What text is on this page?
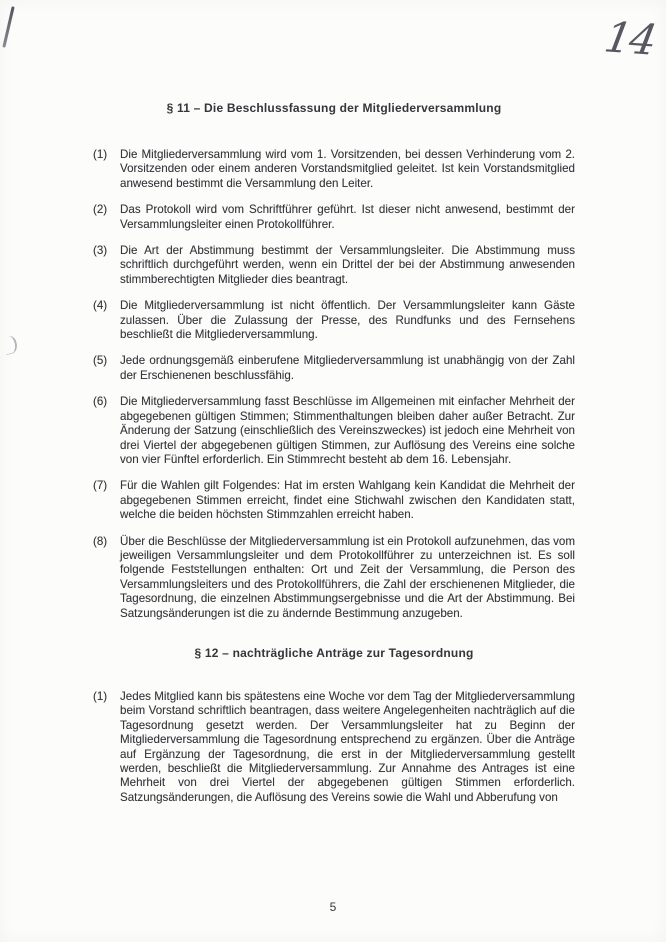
14
§ 11 – Die Beschlussfassung der Mitgliederversammlung
(1) Die Mitgliederversammlung wird vom 1. Vorsitzenden, bei dessen Verhinderung vom 2. Vorsitzenden oder einem anderen Vorstandsmitglied geleitet. Ist kein Vorstandsmitglied anwesend bestimmt die Versammlung den Leiter.
(2) Das Protokoll wird vom Schriftführer geführt. Ist dieser nicht anwesend, bestimmt der Versammlungsleiter einen Protokollführer.
(3) Die Art der Abstimmung bestimmt der Versammlungsleiter. Die Abstimmung muss schriftlich durchgeführt werden, wenn ein Drittel der bei der Abstimmung anwesenden stimmberechtigten Mitglieder dies beantragt.
(4) Die Mitgliederversammlung ist nicht öffentlich. Der Versammlungsleiter kann Gäste zulassen. Über die Zulassung der Presse, des Rundfunks und des Fernsehens beschließt die Mitgliederversammlung.
(5) Jede ordnungsgemäß einberufene Mitgliederversammlung ist unabhängig von der Zahl der Erschienenen beschlussfähig.
(6) Die Mitgliederversammlung fasst Beschlüsse im Allgemeinen mit einfacher Mehrheit der abgegebenen gültigen Stimmen; Stimmenthaltungen bleiben daher außer Betracht. Zur Änderung der Satzung (einschließlich des Vereinszweckes) ist jedoch eine Mehrheit von drei Viertel der abgegebenen gültigen Stimmen, zur Auflösung des Vereins eine solche von vier Fünftel erforderlich. Ein Stimmrecht besteht ab dem 16. Lebensjahr.
(7) Für die Wahlen gilt Folgendes: Hat im ersten Wahlgang kein Kandidat die Mehrheit der abgegebenen Stimmen erreicht, findet eine Stichwahl zwischen den Kandidaten statt, welche die beiden höchsten Stimmzahlen erreicht haben.
(8) Über die Beschlüsse der Mitgliederversammlung ist ein Protokoll aufzunehmen, das vom jeweiligen Versammlungsleiter und dem Protokollführer zu unterzeichnen ist. Es soll folgende Feststellungen enthalten: Ort und Zeit der Versammlung, die Person des Versammlungsleiters und des Protokollführers, die Zahl der erschienenen Mitglieder, die Tagesordnung, die einzelnen Abstimmungsergebnisse und die Art der Abstimmung. Bei Satzungsänderungen ist die zu ändernde Bestimmung anzugeben.
§ 12 – nachträgliche Anträge zur Tagesordnung
(1) Jedes Mitglied kann bis spätestens eine Woche vor dem Tag der Mitgliederversammlung beim Vorstand schriftlich beantragen, dass weitere Angelegenheiten nachträglich auf die Tagesordnung gesetzt werden. Der Versammlungsleiter hat zu Beginn der Mitgliederversammlung die Tagesordnung entsprechend zu ergänzen. Über die Anträge auf Ergänzung der Tagesordnung, die erst in der Mitgliederversammlung gestellt werden, beschließt die Mitgliederversammlung. Zur Annahme des Antrages ist eine Mehrheit von drei Viertel der abgegebenen gültigen Stimmen erforderlich. Satzungsänderungen, die Auflösung des Vereins sowie die Wahl und Abberufung von
5
